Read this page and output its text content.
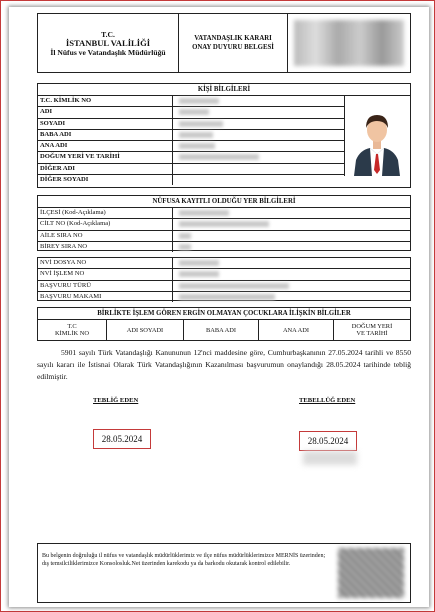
T.C.
İSTANBUL VALİLİĞİ
İl Nüfus ve Vatandaşlık Müdürlüğü
VATANDAŞLIK KARARI
ONAY DUYURU BELGESİ
KİŞİ BİLGİLERİ
T.C. KİMLİK NO
ADI
SOYADI
BABA ADI
ANA ADI
DOĞUM YERİ VE TARİHİ
DİĞER ADI
DİĞER SOYADI
NÜFUSA KAYITLI OLDUĞU YER BİLGİLERİ
İLÇESİ (Kod-Açıklama)
CİLT NO (Kod-Açıklama)
AİLE SIRA NO
BİREY SIRA NO
NVİ DOSYA NO
NVİ İŞLEM NO
BAŞVURU TÜRÜ
BAŞVURU MAKAMI
BİRLİKTE İŞLEM GÖREN ERGİN OLMAYAN ÇOCUKLARA İLİŞKİN BİLGİLER
T.C
KİMLİK NO	ADI SOYADI	BABA ADI	ANA ADI	DOĞUM YERİ
VE TARİHİ
5901 sayılı Türk Vatandaşlığı Kanununun 12'nci maddesine göre, Cumhurbaşkanının 27.05.2024 tarihli ve 8550 sayılı kararı ile İstisnai Olarak Türk Vatandaşlığının Kazanılması başvurumun onaylandığı 28.05.2024 tarihinde tebliğ edilmiştir.
TEBLİĞ EDEN
28.05.2024
TEBELLÜĞ EDEN
28.05.2024
Bu belgenin doğruluğu il nüfus ve vatandaşlık müdürlüklerimiz ve ilçe nüfus müdürlüklerimizce MERNİS üzerinden; dış temsilciliklerimizce Konsolosluk.Net üzerinden karekodu ya da barkodu okutarak kontrol edilebilir.
